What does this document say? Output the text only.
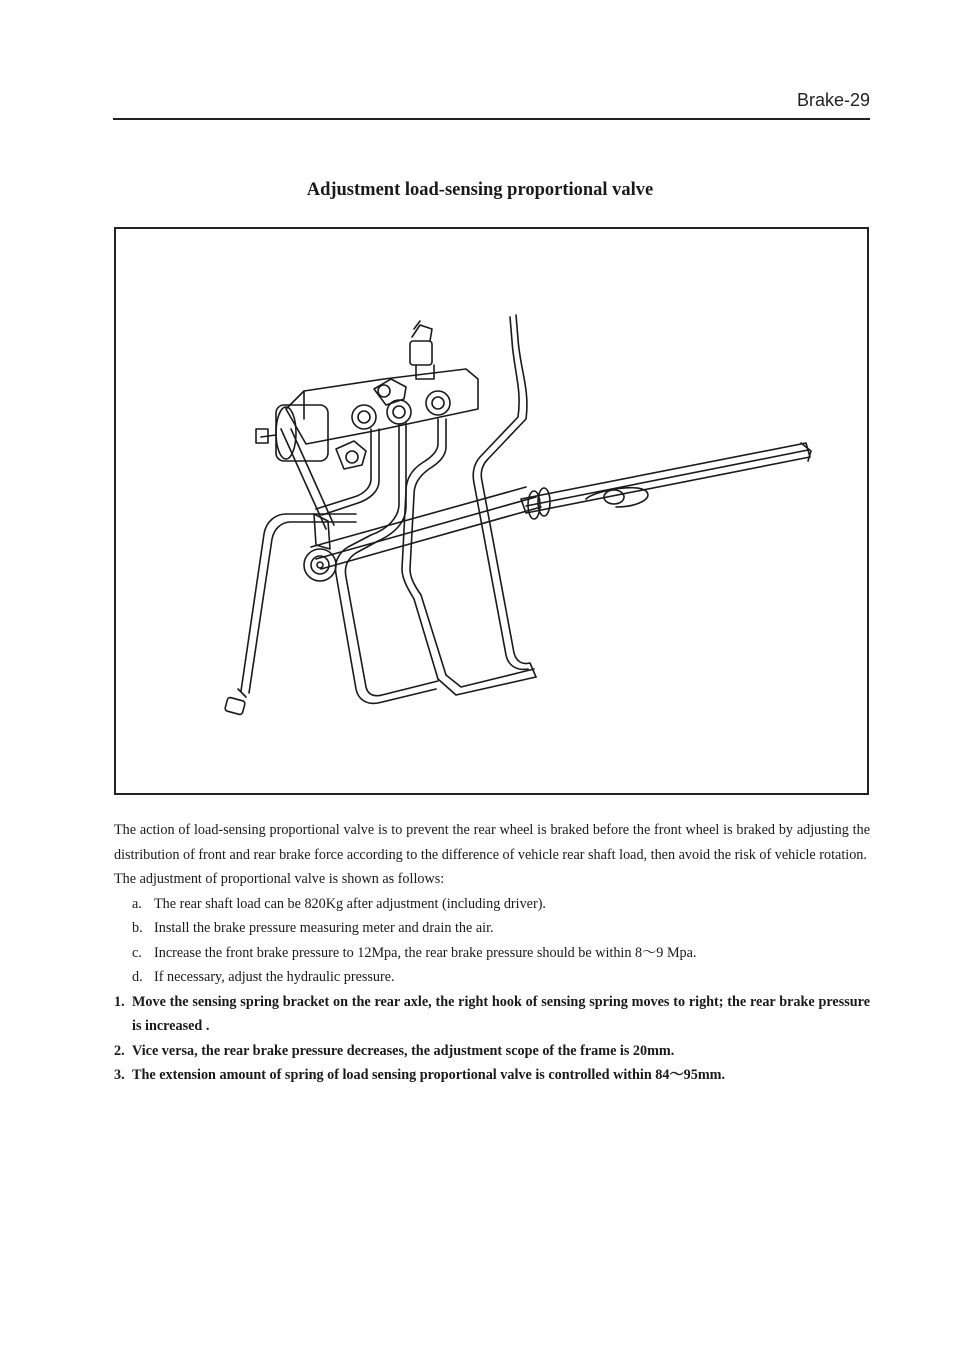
Brake-29
Adjustment load-sensing proportional valve

The action of load-sensing proportional valve is to prevent the rear wheel is braked before the front wheel is braked by adjusting the distribution of front and rear brake force according to the difference of vehicle rear shaft load, then avoid the risk of vehicle rotation.

The adjustment of proportional valve is shown as follows:

a. The rear shaft load can be 820Kg after adjustment (including driver).
b. Install the brake pressure measuring meter and drain the air.
c. Increase the front brake pressure to 12Mpa, the rear brake pressure should be within 8～9 Mpa.
d. If necessary, adjust the hydraulic pressure.
1. Move the sensing spring bracket on the rear axle, the right hook of sensing spring moves to right; the rear brake pressure is increased .
2. Vice versa, the rear brake pressure decreases, the adjustment scope of the frame is 20mm.
3. The extension amount of spring of load sensing proportional valve is controlled within 84～95mm.
